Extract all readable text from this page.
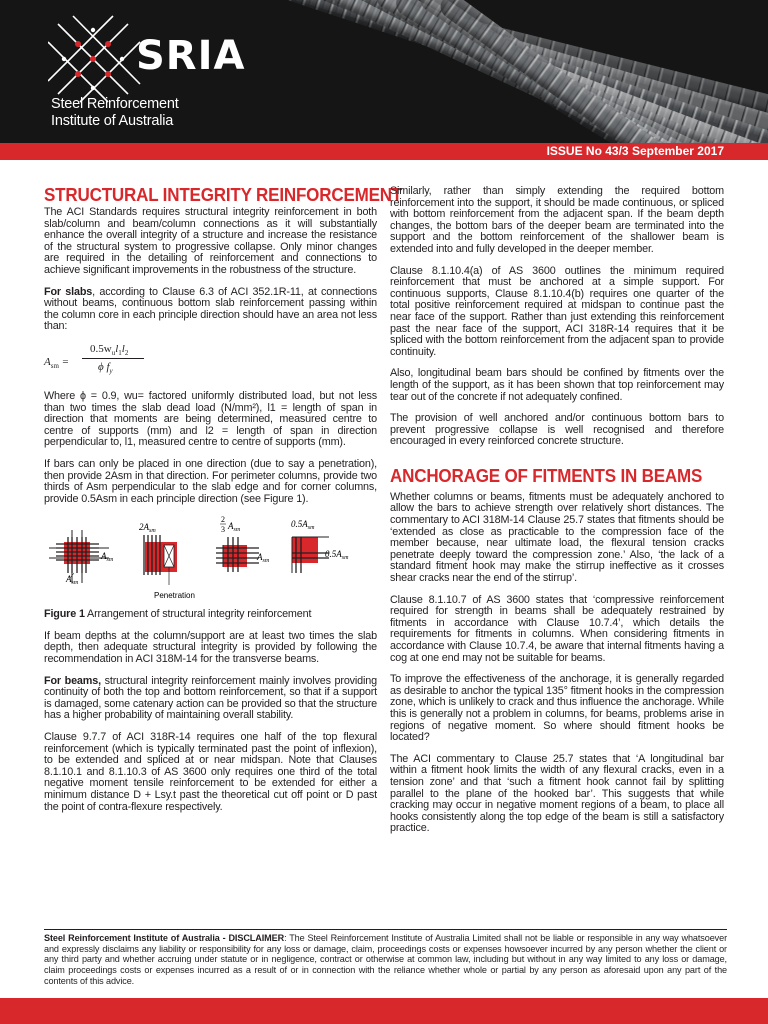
SRIA
Steel Reinforcement
Institute of Australia
ISSUE No 43/3 September 2017
STRUCTURAL INTEGRITY REINFORCEMENT

The ACI Standards requires structural integrity reinforcement in both slab/column and beam/column connections as it will substantially enhance the overall integrity of a structure and increase the resistance of the structural system to progressive collapse. Only minor changes are required in the detailing of reinforcement and connections to achieve significant improvements in the robustness of the structure.

For slabs, according to Clause 6.3 of ACI 352.1R-11, at connections without beams, continuous bottom slab reinforcement passing within the column core in each principle direction should have an area not less than:

$A_{sm}$ =
$0.5w_ul_1l_2$
ϕ $f_y$

Where ϕ = 0.9, wu= factored uniformly distributed load, but not less than two times the slab dead load (N/mm²), l1 = length of span in direction that moments are being determined, measured centre to centre of supports (mm) and l2 = length of span in direction perpendicular to, l1, measured centre to centre of supports (mm).

If bars can only be placed in one direction (due to say a penetration), then provide 2Asm in that direction. For perimeter columns, provide two thirds of Asm perpendicular to the slab edge and for corner columns, provide 0.5Asm in each principle direction (see Figure 1).

$A_{sm}$
$A_{sm}$
$2A_{sm}$
Penetration
2
3 $A_{sm}$
$A_{sm}$
$0.5A_{sm}$
$0.5A_{sm}$

Figure 1 Arrangement of structural integrity reinforcement

If beam depths at the column/support are at least two times the slab depth, then adequate structural integrity is provided by following the recommendation in ACI 318M-14 for the transverse beams.

For beams, structural integrity reinforcement mainly involves providing continuity of both the top and bottom reinforcement, so that if a support is damaged, some catenary action can be provided so that the structure has a higher probability of maintaining overall stability.

Clause 9.7.7 of ACI 318R-14 requires one half of the top flexural reinforcement (which is typically terminated past the point of inflexion), to be extended and spliced at or near midspan. Note that Clauses 8.1.10.1 and 8.1.10.3 of AS 3600 only requires one third of the total negative moment tensile reinforcement to be extended for either a minimum distance D + Lsy.t past the theoretical cut off point or D past the point of contra-flexure respectively.

Similarly, rather than simply extending the required bottom reinforcement into the support, it should be made continuous, or spliced with bottom reinforcement from the adjacent span. If the beam depth changes, the bottom bars of the deeper beam are terminated into the support and the bottom reinforcement of the shallower beam is extended into and fully developed in the deeper member.

Clause 8.1.10.4(a) of AS 3600 outlines the minimum required reinforcement that must be anchored at a simple support. For continuous supports, Clause 8.1.10.4(b) requires one quarter of the total positive reinforcement required at midspan to continue past the near face of the support. Rather than just extending this reinforcement past the near face of the support, ACI 318R-14 requires that it be spliced with the bottom reinforcement from the adjacent span to provide continuity.

Also, longitudinal beam bars should be confined by fitments over the length of the support, as it has been shown that top reinforcement may tear out of the concrete if not adequately confined.

The provision of well anchored and/or continuous bottom bars to prevent progressive collapse is well recognised and therefore encouraged in every reinforced concrete structure.

ANCHORAGE OF FITMENTS IN BEAMS

Whether columns or beams, fitments must be adequately anchored to allow the bars to achieve strength over relatively short distances. The commentary to ACI 318M-14 Clause 25.7 states that fitments should be ‘extended as close as practicable to the compression face of the member because, near ultimate load, the flexural tension cracks penetrate deeply toward the compression zone.’ Also, ‘the lack of a standard fitment hook may make the stirrup ineffective as it crosses shear cracks near the end of the stirrup’.

Clause 8.1.10.7 of AS 3600 states that ‘compressive reinforcement required for strength in beams shall be adequately restrained by fitments in accordance with Clause 10.7.4’, which details the requirements for fitments in columns. When considering fitments in accordance with Clause 10.7.4, be aware that internal fitments having a cog at one end may not be suitable for beams.

To improve the effectiveness of the anchorage, it is generally regarded as desirable to anchor the typical 135° fitment hooks in the compression zone, which is unlikely to crack and thus influence the anchorage. While this is generally not a problem in columns, for beams, problems arise in regions of negative moment. So where should fitment hooks be located?

The ACI commentary to Clause 25.7 states that ‘A longitudinal bar within a fitment hook limits the width of any flexural cracks, even in a tension zone’ and that ‘such a fitment hook cannot fail by splitting parallel to the plane of the hooked bar’. This suggests that while cracking may occur in negative moment regions of a beam, to place all hooks consistently along the top edge of the beam is still a satisfactory practice.

Steel Reinforcement Institute of Australia - DISCLAIMER: The Steel Reinforcement Institute of Australia Limited shall not be liable or responsible in any way whatsoever and expressly disclaims any liability or responsibility for any loss or damage, claim, proceedings costs or expenses howsoever incurred by any person whether the client or any third party and whether accruing under statute or in negligence, contract or otherwise at common law, including but without in any way limited to any loss or damage, claim proceedings costs or expenses incurred as a result of or in connection with the reliance whether whole or partial by any person as aforesaid upon any part of the contents of this advice.
